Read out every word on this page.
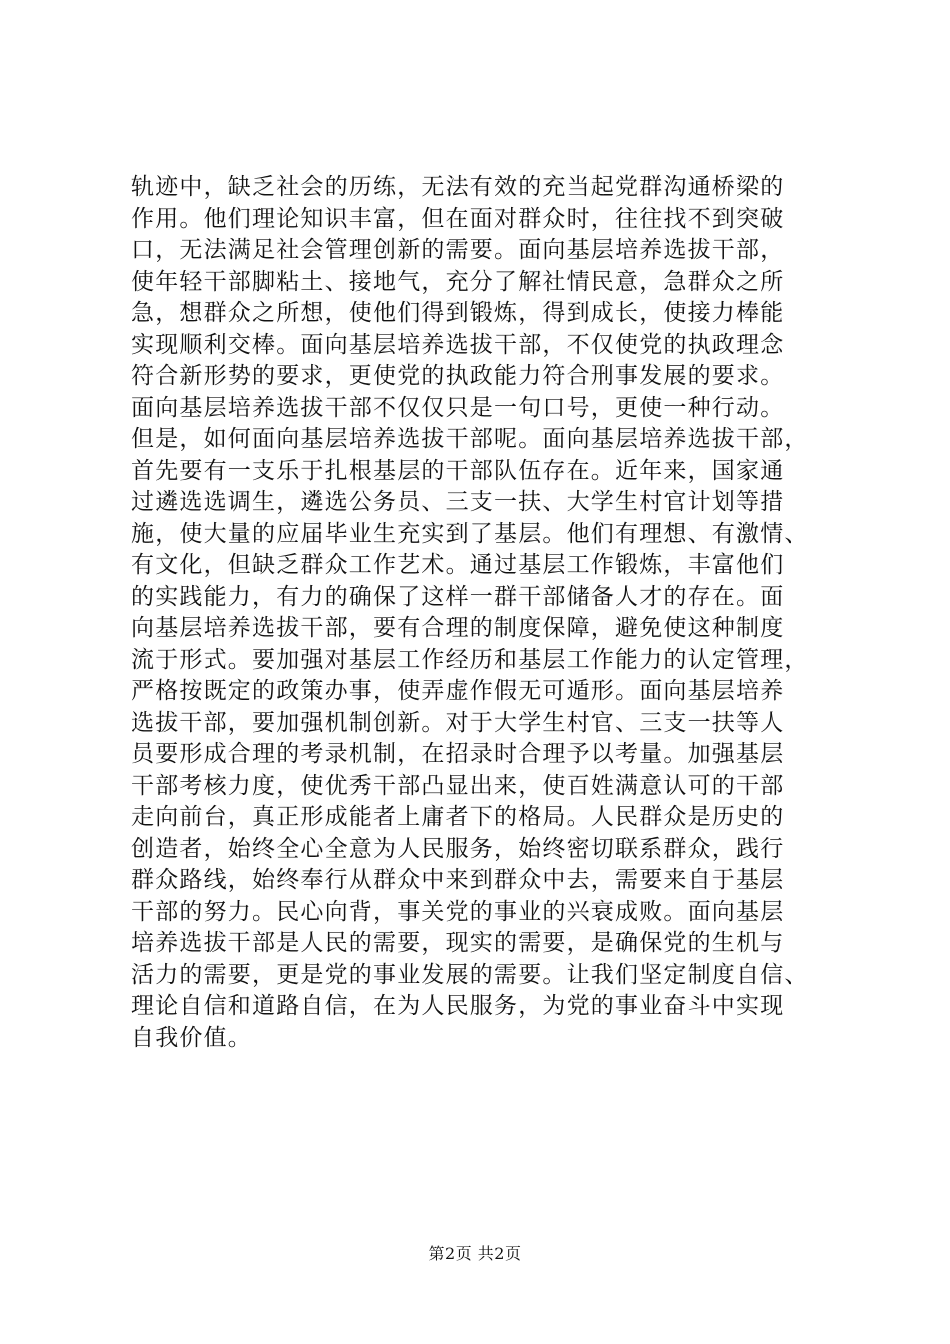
轨迹中，缺乏社会的历练，无法有效的充当起党群沟通桥梁的
作用。他们理论知识丰富，但在面对群众时，往往找不到突破
口，无法满足社会管理创新的需要。面向基层培养选拔干部，
使年轻干部脚粘土、接地气，充分了解社情民意，急群众之所
急，想群众之所想，使他们得到锻炼，得到成长，使接力棒能
实现顺利交棒。面向基层培养选拔干部，不仅使党的执政理念
符合新形势的要求，更使党的执政能力符合刑事发展的要求。
面向基层培养选拔干部不仅仅只是一句口号，更使一种行动。
但是，如何面向基层培养选拔干部呢。面向基层培养选拔干部，
首先要有一支乐于扎根基层的干部队伍存在。近年来，国家通
过遴选选调生，遴选公务员、三支一扶、大学生村官计划等措
施，使大量的应届毕业生充实到了基层。他们有理想、有激情、
有文化，但缺乏群众工作艺术。通过基层工作锻炼，丰富他们
的实践能力，有力的确保了这样一群干部储备人才的存在。面
向基层培养选拔干部，要有合理的制度保障，避免使这种制度
流于形式。要加强对基层工作经历和基层工作能力的认定管理，
严格按既定的政策办事，使弄虚作假无可遁形。面向基层培养
选拔干部，要加强机制创新。对于大学生村官、三支一扶等人
员要形成合理的考录机制，在招录时合理予以考量。加强基层
干部考核力度，使优秀干部凸显出来，使百姓满意认可的干部
走向前台，真正形成能者上庸者下的格局。人民群众是历史的
创造者，始终全心全意为人民服务，始终密切联系群众，践行
群众路线，始终奉行从群众中来到群众中去，需要来自于基层
干部的努力。民心向背，事关党的事业的兴衰成败。面向基层
培养选拔干部是人民的需要，现实的需要，是确保党的生机与
活力的需要，更是党的事业发展的需要。让我们坚定制度自信、
理论自信和道路自信，在为人民服务，为党的事业奋斗中实现
自我价值。
第2页 共2页
